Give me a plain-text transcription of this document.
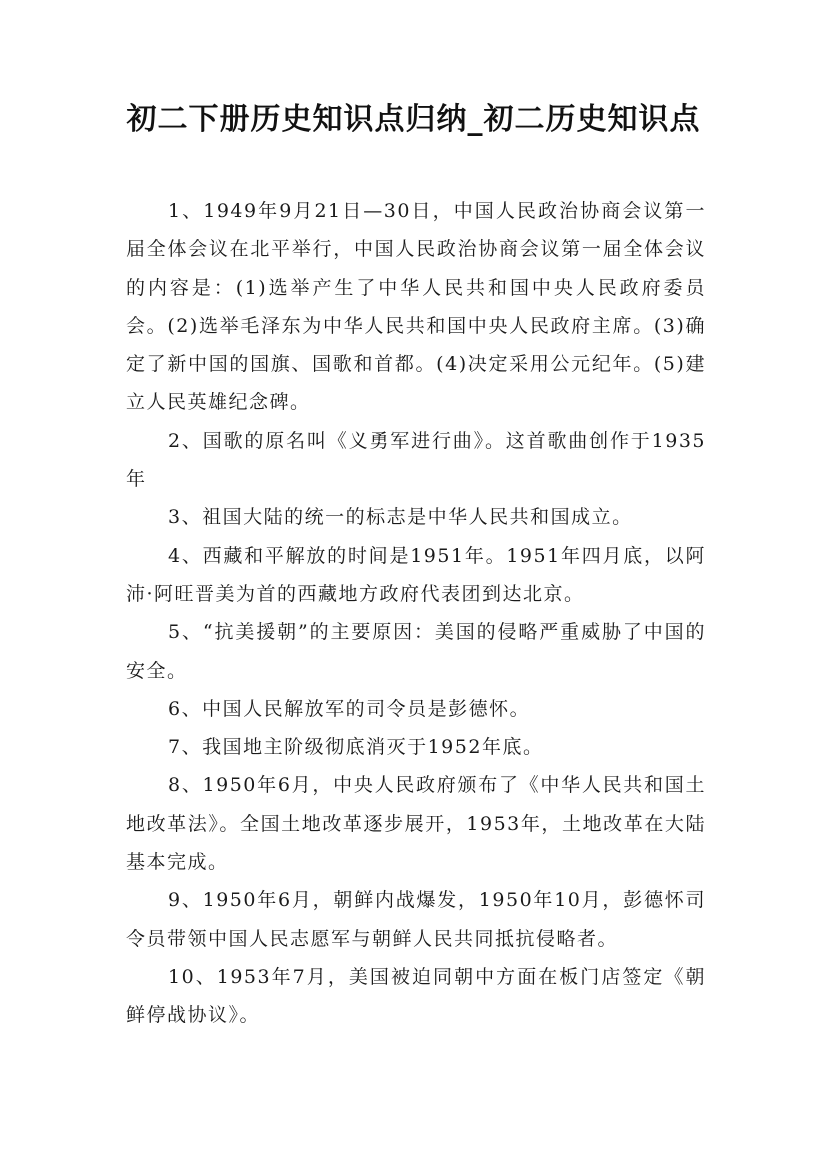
初二下册历史知识点归纳_初二历史知识点

1、1949年9月21日—30日，中国人民政治协商会议第一届全体会议在北平举行，中国人民政治协商会议第一届全体会议的内容是：(1)选举产生了中华人民共和国中央人民政府委员会。(2)选举毛泽东为中华人民共和国中央人民政府主席。(3)确定了新中国的国旗、国歌和首都。(4)决定采用公元纪年。(5)建立人民英雄纪念碑。

2、国歌的原名叫《义勇军进行曲》。这首歌曲创作于1935年

3、祖国大陆的统一的标志是中华人民共和国成立。

4、西藏和平解放的时间是1951年。1951年四月底，以阿沛·阿旺晋美为首的西藏地方政府代表团到达北京。

5、“抗美援朝”的主要原因：美国的侵略严重威胁了中国的安全。

6、中国人民解放军的司令员是彭德怀。

7、我国地主阶级彻底消灭于1952年底。

8、1950年6月，中央人民政府颁布了《中华人民共和国土地改革法》。全国土地改革逐步展开，1953年，土地改革在大陆基本完成。

9、1950年6月，朝鲜内战爆发，1950年10月，彭德怀司令员带领中国人民志愿军与朝鲜人民共同抵抗侵略者。

10、1953年7月，美国被迫同朝中方面在板门店签定《朝鲜停战协议》。
